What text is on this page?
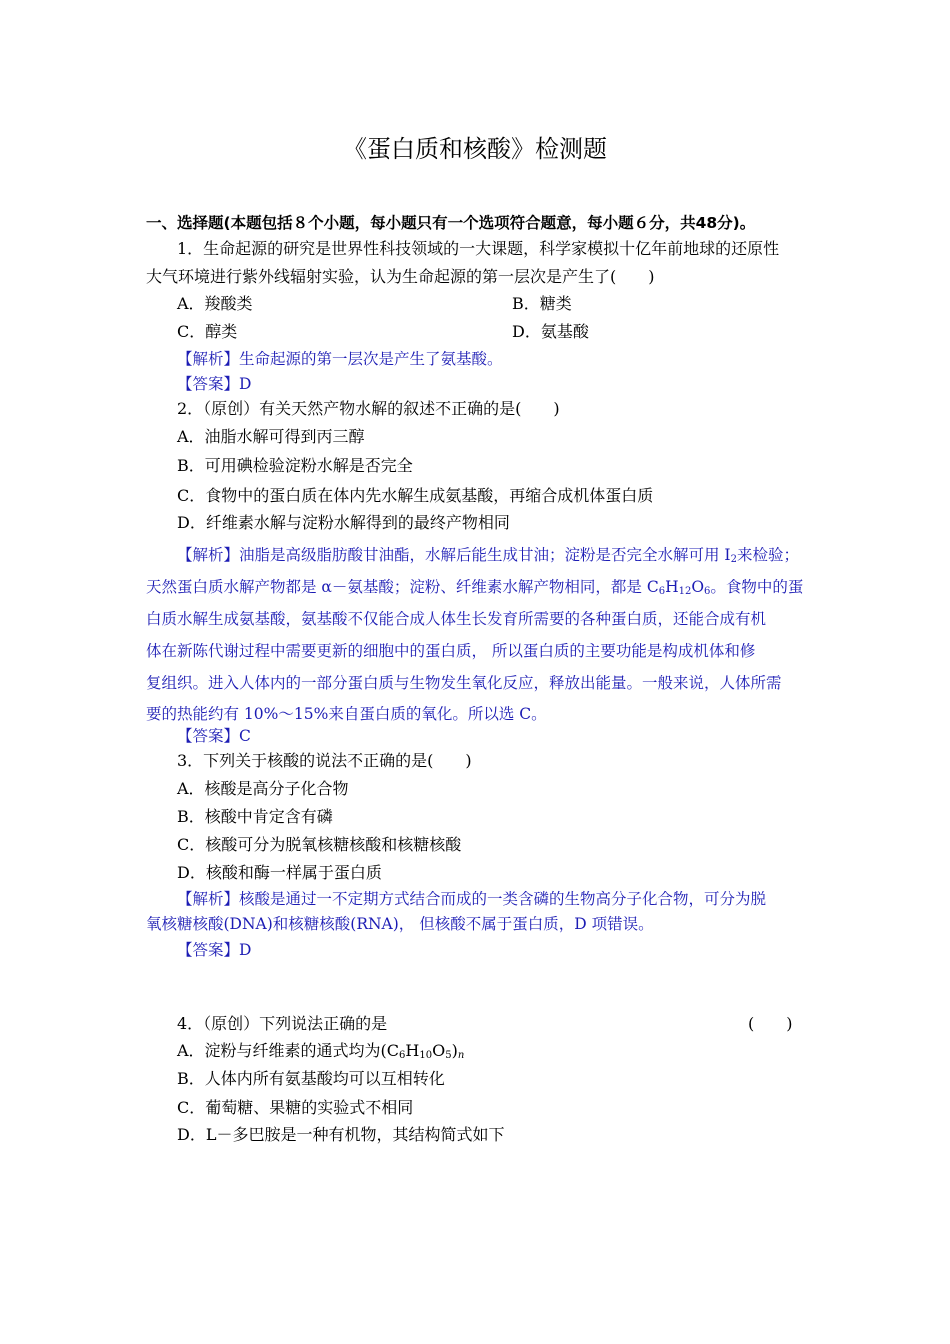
《蛋白质和核酸》检测题
一、选择题(本题包括８个小题，每小题只有一个选项符合题意，每小题６分，共48分)。
1．生命起源的研究是世界性科技领域的一大课题，科学家模拟十亿年前地球的还原性
大气环境进行紫外线辐射实验，认为生命起源的第一层次是产生了(　　)
A．羧酸类	B．糖类
C．醇类	D．氨基酸
【解析】生命起源的第一层次是产生了氨基酸。
【答案】D
2．（原创）有关天然产物水解的叙述不正确的是(　　)
A．油脂水解可得到丙三醇
B．可用碘检验淀粉水解是否完全
C．食物中的蛋白质在体内先水解生成氨基酸，再缩合成机体蛋白质
D．纤维素水解与淀粉水解得到的最终产物相同
【解析】油脂是高级脂肪酸甘油酯，水解后能生成甘油；淀粉是否完全水解可用 $I_2$来检验；
天然蛋白质水解产物都是 α－氨基酸；淀粉、纤维素水解产物相同，都是 $C_6H_{12}O_6$。食物中的蛋
白质水解生成氨基酸，氨基酸不仅能合成人体生长发育所需要的各种蛋白质，还能合成有机
体在新陈代谢过程中需要更新的细胞中的蛋白质， 所以蛋白质的主要功能是构成机体和修
复组织。进入人体内的一部分蛋白质与生物发生氧化反应，释放出能量。一般来说，人体所需
要的热能约有 10%～15%来自蛋白质的氧化。所以选 C。
【答案】C
3．下列关于核酸的说法不正确的是(　　)
A．核酸是高分子化合物
B．核酸中肯定含有磷
C．核酸可分为脱氧核糖核酸和核糖核酸
D．核酸和酶一样属于蛋白质
【解析】核酸是通过一不定期方式结合而成的一类含磷的生物高分子化合物，可分为脱
氧核糖核酸(DNA)和核糖核酸(RNA)， 但核酸不属于蛋白质，D 项错误。
【答案】D
4．（原创）下列说法正确的是	(　　)
A．淀粉与纤维素的通式均为$(C_6H_{10}O_5)_n$
B．人体内所有氨基酸均可以互相转化
C．葡萄糖、果糖的实验式不相同
D．L－多巴胺是一种有机物，其结构简式如下
